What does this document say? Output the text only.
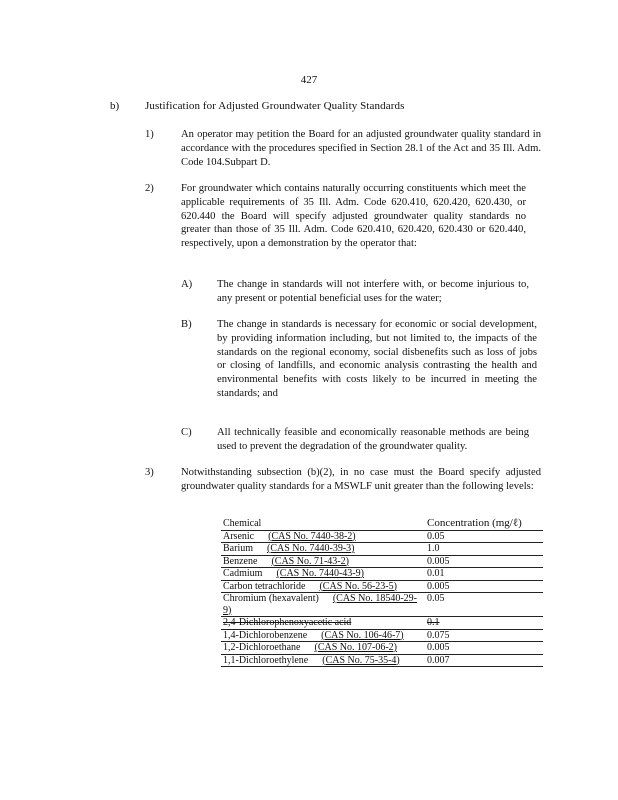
427
b) Justification for Adjusted Groundwater Quality Standards
1)	An operator may petition the Board for an adjusted groundwater quality standard in accordance with the procedures specified in Section 28.1 of the Act and 35 Ill. Adm. Code 104.Subpart D.
2)	For groundwater which contains naturally occurring constituents which meet the applicable requirements of 35 Ill. Adm. Code 620.410, 620.420, 620.430, or 620.440 the Board will specify adjusted groundwater quality standards no greater than those of 35 Ill. Adm. Code 620.410, 620.420, 620.430 or 620.440, respectively, upon a demonstration by the operator that:
A) The change in standards will not interfere with, or become injurious to, any present or potential beneficial uses for the water;
B) The change in standards is necessary for economic or social development, by providing information including, but not limited to, the impacts of the standards on the regional economy, social disbenefits such as loss of jobs or closing of landfills, and economic analysis contrasting the health and environmental benefits with costs likely to be incurred in meeting the standards; and
C) All technically feasible and economically reasonable methods are being used to prevent the degradation of the groundwater quality.
3)	Notwithstanding subsection (b)(2), in no case must the Board specify adjusted groundwater quality standards for a MSWLF unit greater than the following levels:
Chemical	Concentration (mg/ℓ)
Arsenic (CAS No. 7440-38-2)	0.05
Barium (CAS No. 7440-39-3)	1.0
Benzene (CAS No. 71-43-2)	0.005
Cadmium (CAS No. 7440-43-9)	0.01
Carbon tetrachloride (CAS No. 56-23-5)	0.005
Chromium (hexavalent) (CAS No. 18540-29-9)	0.05
2,4-Dichlorophenoxyacetic acid	0.1
1,4-Dichlorobenzene (CAS No. 106-46-7)	0.075
1,2-Dichloroethane (CAS No. 107-06-2)	0.005
1,1-Dichloroethylene (CAS No. 75-35-4)	0.007
